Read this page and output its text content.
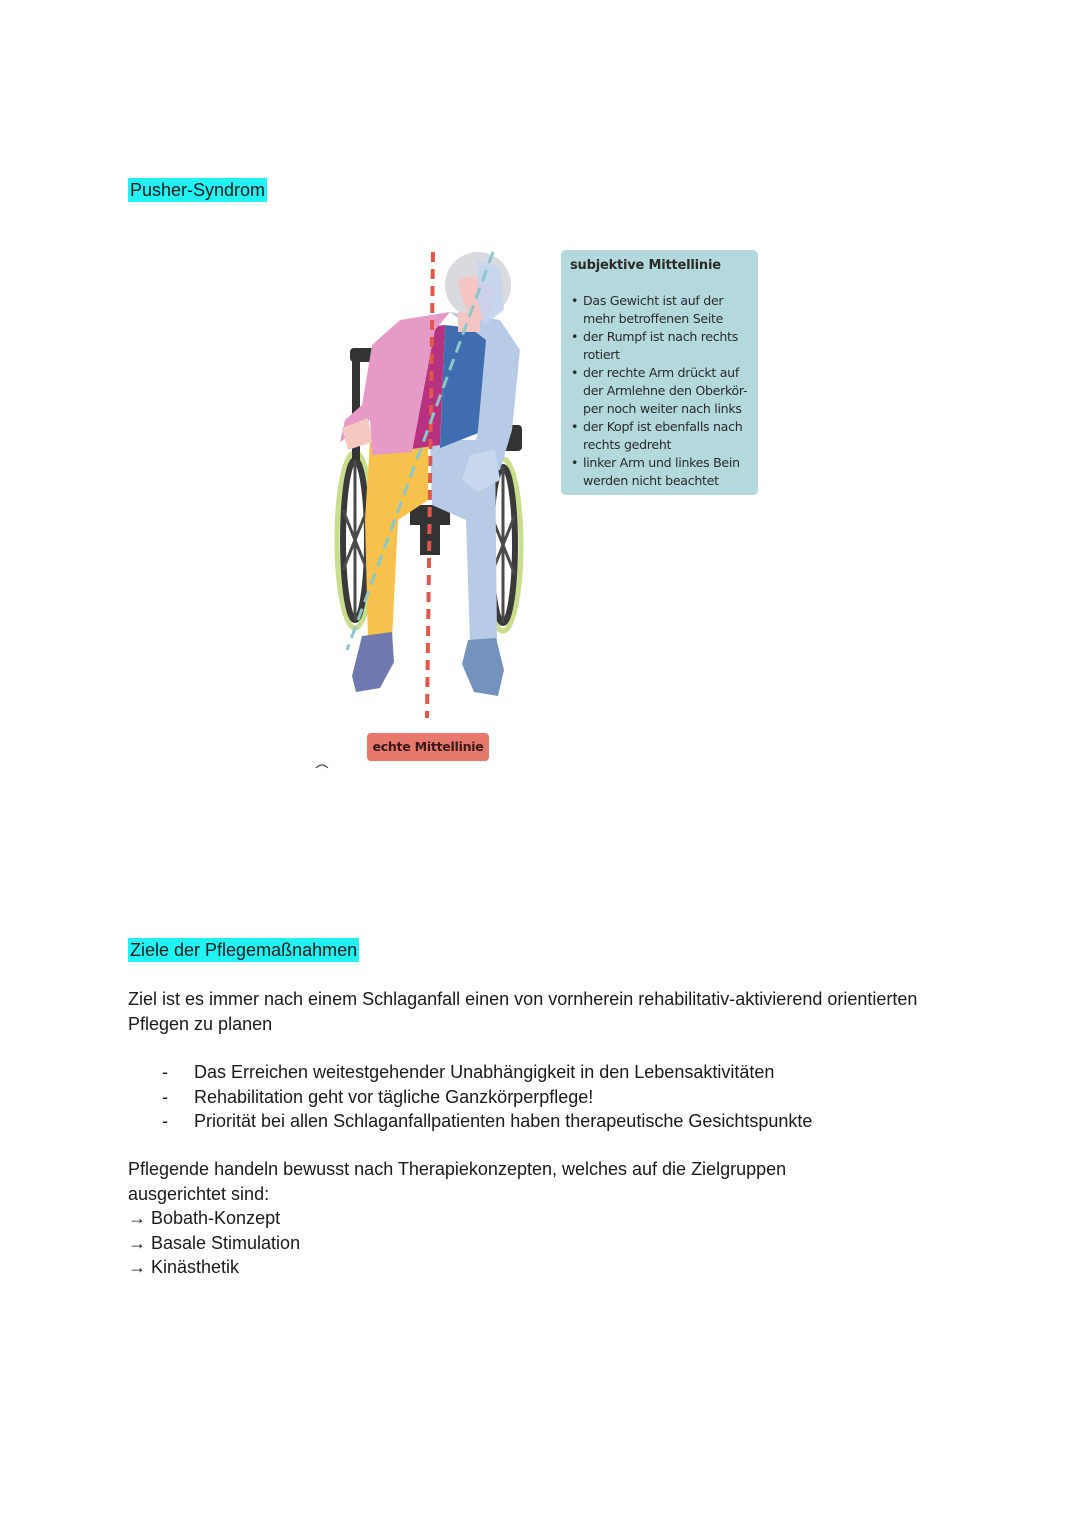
Pusher-Syndrom
subjektive Mittellinie
• Das Gewicht ist auf der mehr betroffenen Seite
• der Rumpf ist nach rechts rotiert
• der rechte Arm drückt auf der Armlehne den Oberkör-per noch weiter nach links
• der Kopf ist ebenfalls nach rechts gedreht
• linker Arm und linkes Bein werden nicht beachtet
echte Mittellinie
Ziele der Pflegemaßnahmen
Ziel ist es immer nach einem Schlaganfall einen von vornherein rehabilitativ-aktivierend orientierten Pflegen zu planen
- Das Erreichen weitestgehender Unabhängigkeit in den Lebensaktivitäten
- Rehabilitation geht vor tägliche Ganzkörperpflege!
- Priorität bei allen Schlaganfallpatienten haben therapeutische Gesichtspunkte
Pflegende handeln bewusst nach Therapiekonzepten, welches auf die Zielgruppen ausgerichtet sind:
→ Bobath-Konzept
→ Basale Stimulation
→ Kinästhetik
